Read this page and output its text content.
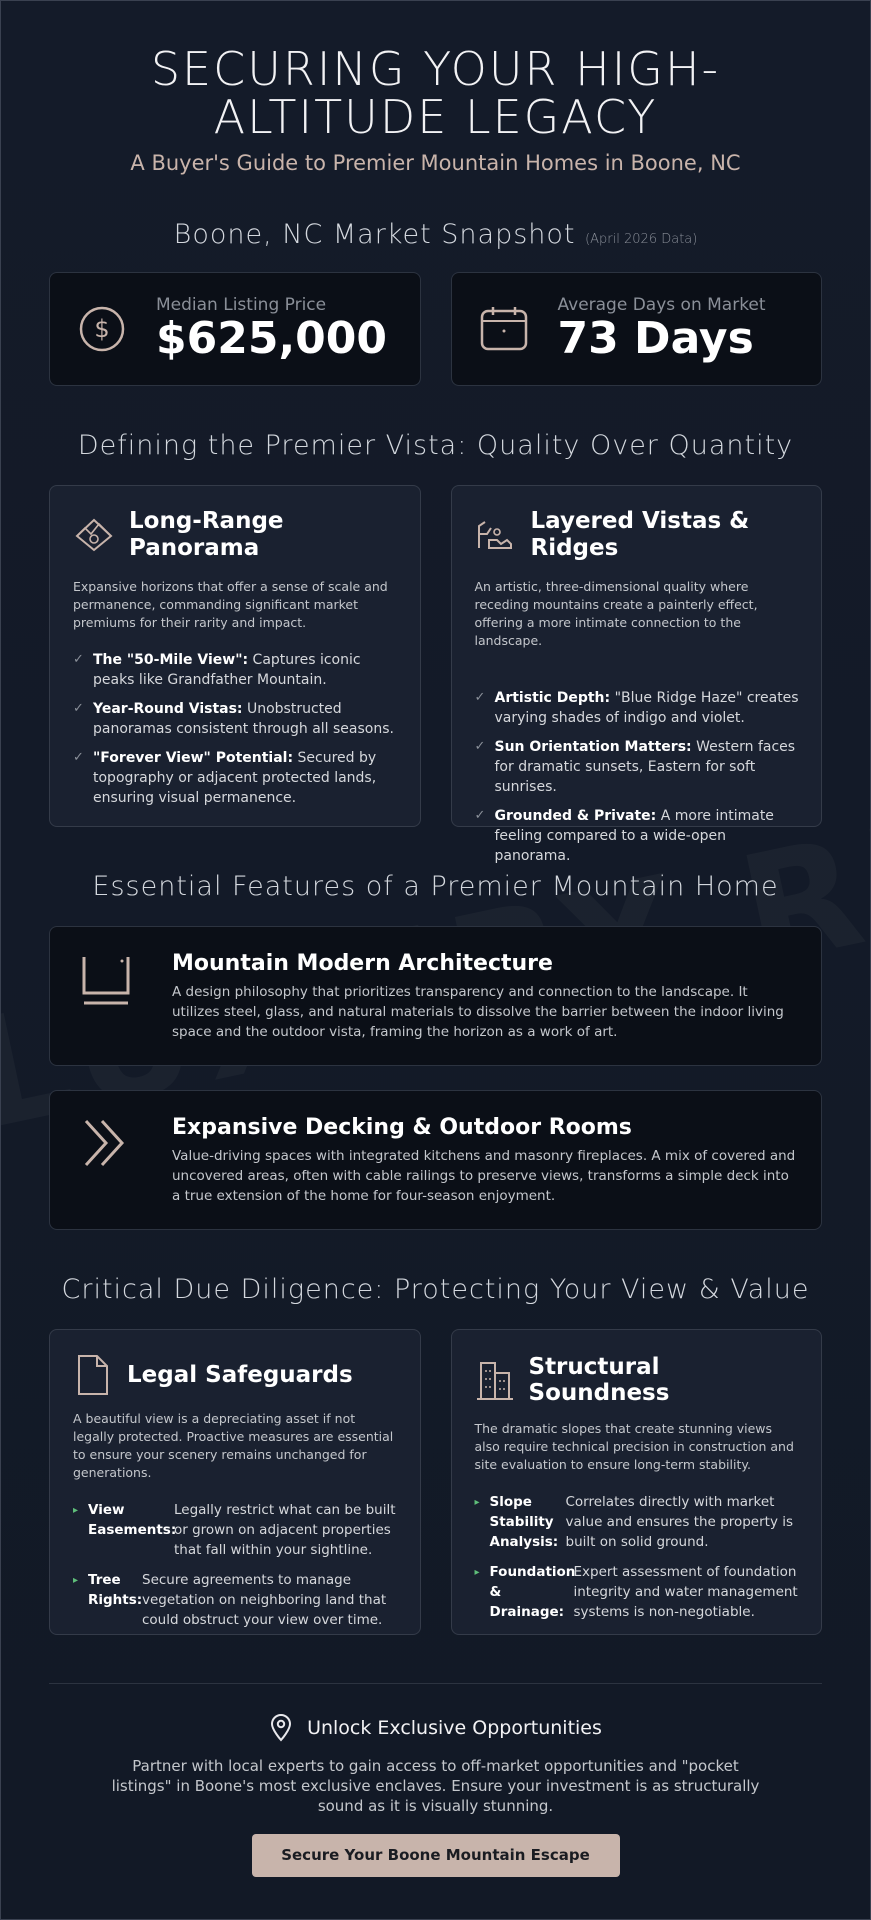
SECURING YOUR HIGH-ALTITUDE LEGACY

A Buyer's Guide to Premier Mountain Homes in Boone, NC

Boone, NC Market Snapshot (April 2026 Data)
$
Median Listing Price
$625,000
Average Days on Market
73 Days
Defining the Premier Vista: Quality Over Quantity
Long-Range Panorama

Expansive horizons that offer a sense of scale and permanence, commanding significant market premiums for their rarity and impact.

✓ The "50-Mile View": Captures iconic peaks like Grandfather Mountain.
✓ Year-Round Vistas: Unobstructed panoramas consistent through all seasons.
✓ "Forever View" Potential: Secured by topography or adjacent protected lands, ensuring visual permanence.
Layered Vistas & Ridges

An artistic, three-dimensional quality where receding mountains create a painterly effect, offering a more intimate connection to the landscape.

✓ Artistic Depth: "Blue Ridge Haze" creates varying shades of indigo and violet.
✓ Sun Orientation Matters: Western faces for dramatic sunsets, Eastern for soft sunrises.
✓ Grounded & Private: A more intimate feeling compared to a wide-open panorama.
Essential Features of a Premier Mountain Home
Mountain Modern Architecture

A design philosophy that prioritizes transparency and connection to the landscape. It utilizes steel, glass, and natural materials to dissolve the barrier between the indoor living space and the outdoor vista, framing the horizon as a work of art.

Expansive Decking & Outdoor Rooms

Value-driving spaces with integrated kitchens and masonry fireplaces. A mix of covered and uncovered areas, often with cable railings to preserve views, transforms a simple deck into a true extension of the home for four-season enjoyment.

Critical Due Diligence: Protecting Your View & Value
Legal Safeguards

A beautiful view is a depreciating asset if not legally protected. Proactive measures are essential to ensure your scenery remains unchanged for generations.

▸ View Easements:
Legally restrict what can be built or grown on adjacent properties that fall within your sightline.
▸ Tree Rights:
Secure agreements to manage vegetation on neighboring land that could obstruct your view over time.
Structural Soundness

The dramatic slopes that create stunning views also require technical precision in construction and site evaluation to ensure long-term stability.

▸ Slope Stability Analysis:
Correlates directly with market value and ensures the property is built on solid ground.
▸ Foundation & Drainage:
Expert assessment of foundation integrity and water management systems is non-negotiable.
Unlock Exclusive Opportunities

Partner with local experts to gain access to off-market opportunities and "pocket listings" in Boone's most exclusive enclaves. Ensure your investment is as structurally sound as it is visually stunning.

Secure Your Boone Mountain Escape
